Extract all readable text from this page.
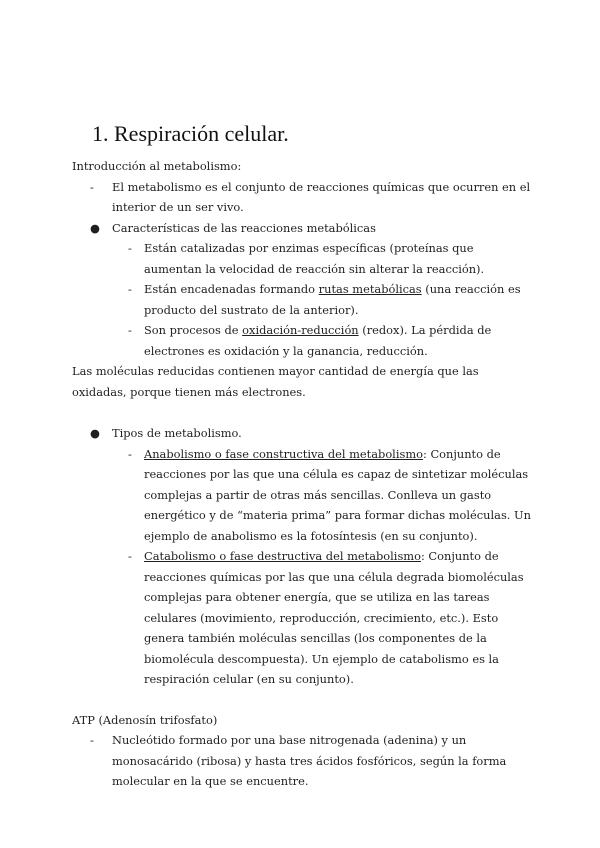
1. Respiración celular.

Introducción al metabolismo:

-	El metabolismo es el conjunto de reacciones químicas que ocurren en el interior de un ser vivo.
●	Características de las reacciones metabólicas
-	Están catalizadas por enzimas específicas (proteínas que aumentan la velocidad de reacción sin alterar la reacción).
-	Están encadenadas formando rutas metabólicas (una reacción es producto del sustrato de la anterior).
-	Son procesos de oxidación-reducción (redox). La pérdida de electrones es oxidación y la ganancia, reducción.

Las moléculas reducidas contienen mayor cantidad de energía que las oxidadas, porque tienen más electrones.

●	Tipos de metabolismo.
-	Anabolismo o fase constructiva del metabolismo: Conjunto de reacciones por las que una célula es capaz de sintetizar moléculas complejas a partir de otras más sencillas. Conlleva un gasto energético y de “materia prima” para formar dichas moléculas. Un ejemplo de anabolismo es la fotosíntesis (en su conjunto).
-	Catabolismo o fase destructiva del metabolismo: Conjunto de reacciones químicas por las que una célula degrada biomoléculas complejas para obtener energía, que se utiliza en las tareas celulares (movimiento, reproducción, crecimiento, etc.). Esto genera también moléculas sencillas (los componentes de la biomolécula descompuesta). Un ejemplo de catabolismo es la respiración celular (en su conjunto).

ATP (Adenosín trifosfato)

-	Nucleótido formado por una base nitrogenada (adenina) y un monosacárido (ribosa) y hasta tres ácidos fosfóricos, según la forma molecular en la que se encuentre.
